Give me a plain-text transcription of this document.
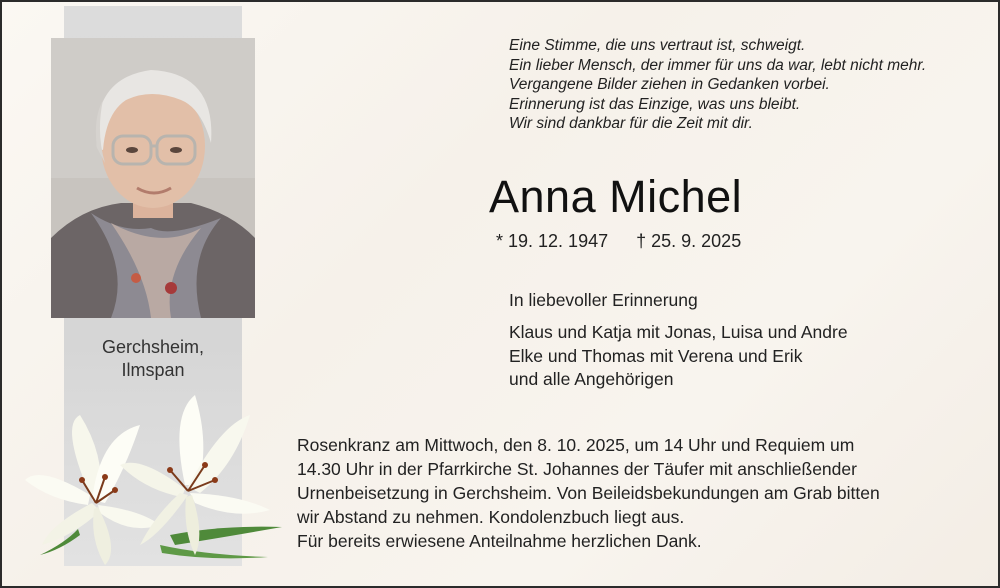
Gerchsheim,
Ilmspan
Eine Stimme, die uns vertraut ist, schweigt.
Ein lieber Mensch, der immer für uns da war, lebt nicht mehr.
Vergangene Bilder ziehen in Gedanken vorbei.
Erinnerung ist das Einzige, was uns bleibt.
Wir sind dankbar für die Zeit mit dir.
Anna Michel
* 19. 12. 1947 † 25. 9. 2025
In liebevoller Erinnerung
Klaus und Katja mit Jonas, Luisa und Andre
Elke und Thomas mit Verena und Erik
und alle Angehörigen
Rosenkranz am Mittwoch, den 8. 10. 2025, um 14 Uhr und Requiem um
14.30 Uhr in der Pfarrkirche St. Johannes der Täufer mit anschließender
Urnenbeisetzung in Gerchsheim. Von Beileidsbekundungen am Grab bitten
wir Abstand zu nehmen. Kondolenzbuch liegt aus.
Für bereits erwiesene Anteilnahme herzlichen Dank.
